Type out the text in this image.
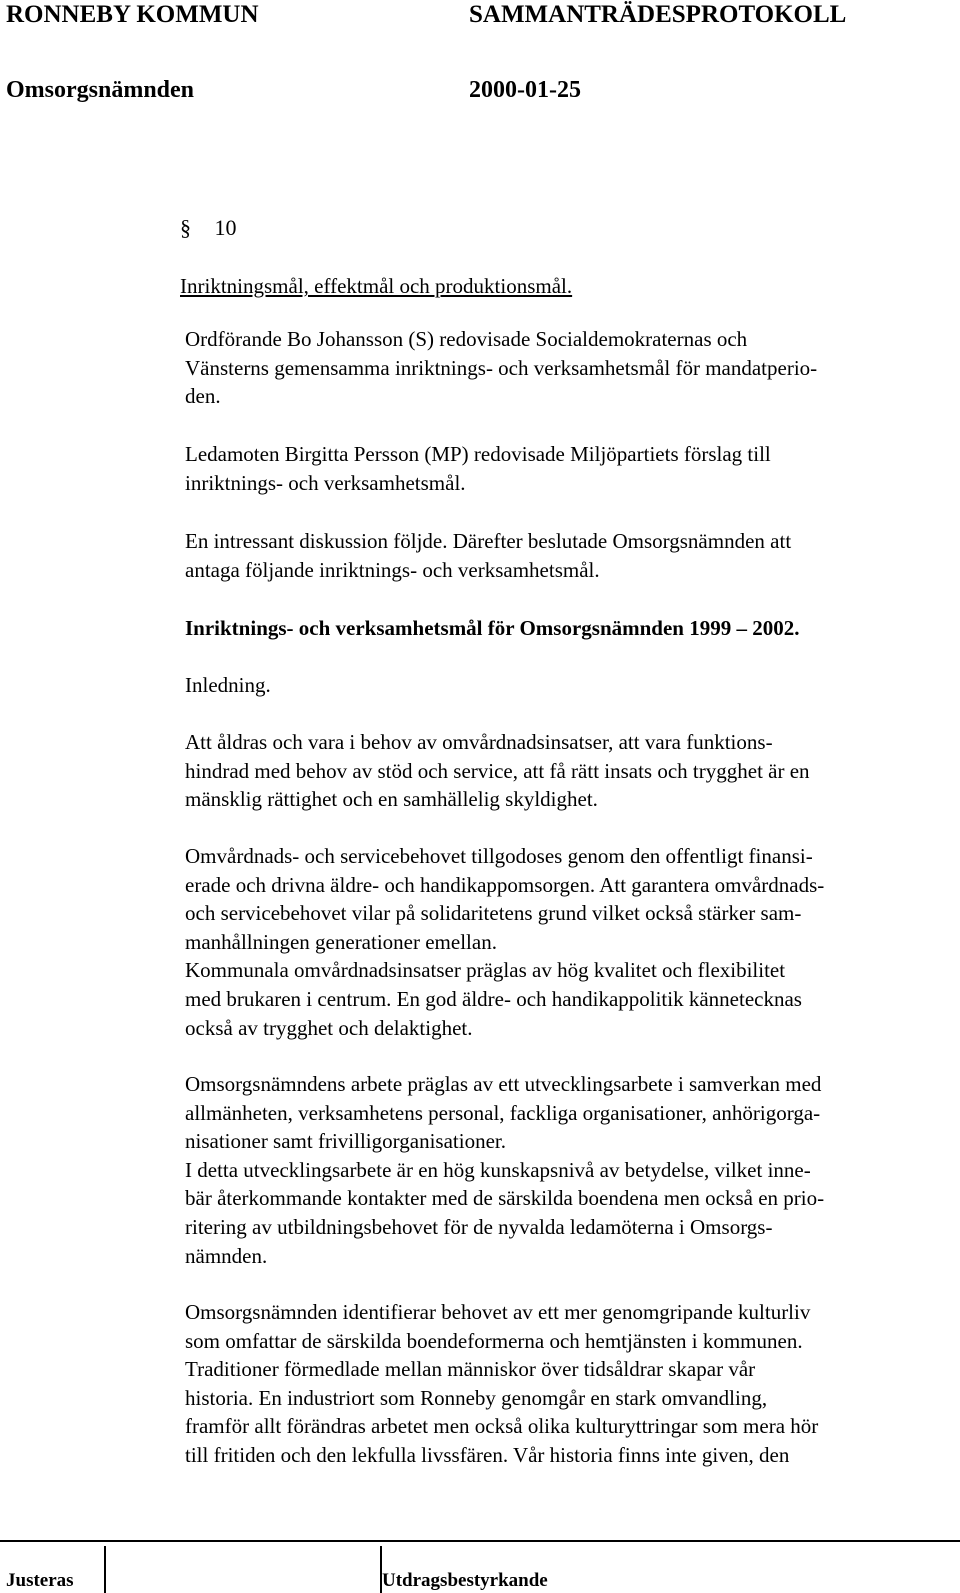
RONNEBY KOMMUN	SAMMANTRÄDESPROTOKOLL
Omsorgsnämnden	2000-01-25
§ 10
Inriktningsmål, effektmål och produktionsmål.
Ordförande Bo Johansson (S) redovisade Socialdemokraternas och
Vänsterns gemensamma inriktnings- och verksamhetsmål för mandatperio-
den.
Ledamoten Birgitta Persson (MP) redovisade Miljöpartiets förslag till
inriktnings- och verksamhetsmål.
En intressant diskussion följde. Därefter beslutade Omsorgsnämnden att
antaga följande inriktnings- och verksamhetsmål.
Inriktnings- och verksamhetsmål för Omsorgsnämnden 1999 – 2002.
Inledning.
Att åldras och vara i behov av omvårdnadsinsatser, att vara funktions-
hindrad med behov av stöd och service, att få rätt insats och trygghet är en
mänsklig rättighet och en samhällelig skyldighet.
Omvårdnads- och servicebehovet tillgodoses genom den offentligt finansi-
erade och drivna äldre- och handikappomsorgen. Att garantera omvårdnads-
och servicebehovet vilar på solidaritetens grund vilket också stärker sam-
manhållningen generationer emellan.
Kommunala omvårdnadsinsatser präglas av hög kvalitet och flexibilitet
med brukaren i centrum. En god äldre- och handikappolitik kännetecknas
också av trygghet och delaktighet.
Omsorgsnämndens arbete präglas av ett utvecklingsarbete i samverkan med
allmänheten, verksamhetens personal, fackliga organisationer, anhörigorga-
nisationer samt frivilligorganisationer.
I detta utvecklingsarbete är en hög kunskapsnivå av betydelse, vilket inne-
bär återkommande kontakter med de särskilda boendena men också en prio-
ritering av utbildningsbehovet för de nyvalda ledamöterna i Omsorgs-
nämnden.
Omsorgsnämnden identifierar behovet av ett mer genomgripande kulturliv
som omfattar de särskilda boendeformerna och hemtjänsten i kommunen.
Traditioner förmedlade mellan människor över tidsåldrar skapar vår
historia. En industriort som Ronneby genomgår en stark omvandling,
framför allt förändras arbetet men också olika kulturyttringar som mera hör
till fritiden och den lekfulla livssfären. Vår historia finns inte given, den
Justeras	Utdragsbestyrkande
